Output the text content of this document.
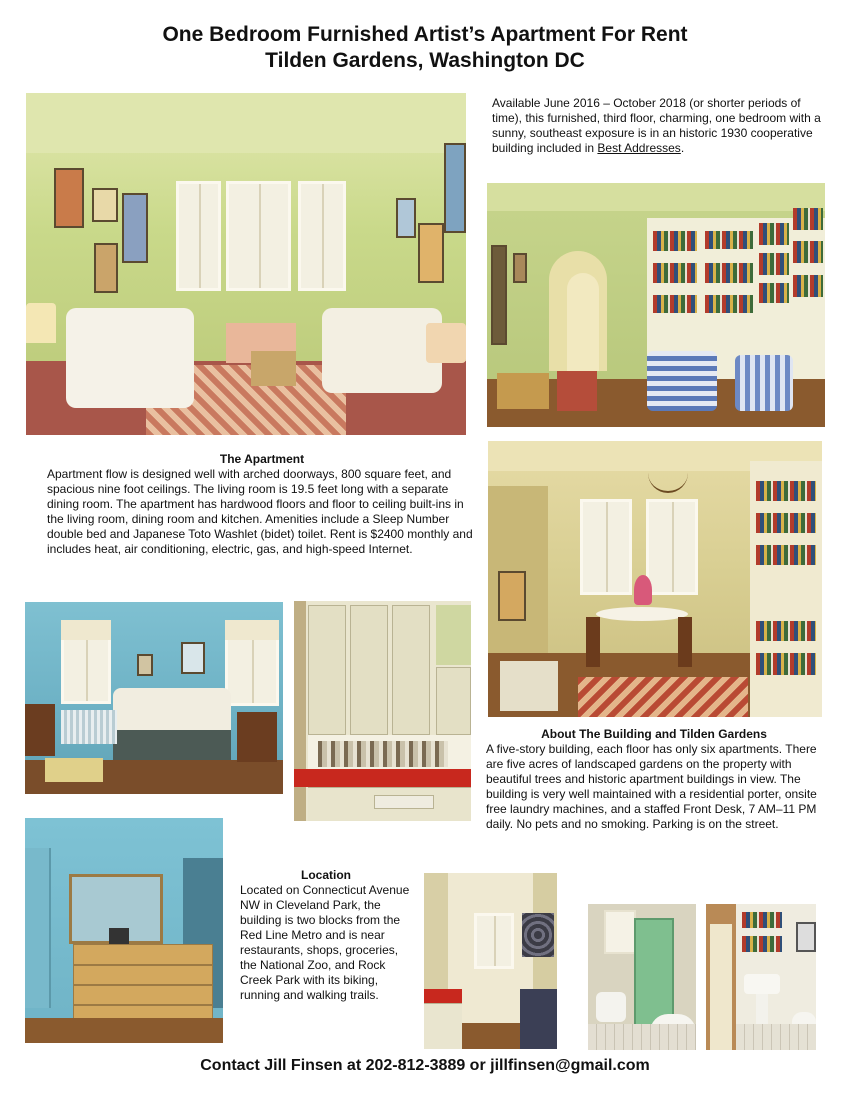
One Bedroom Furnished Artist’s Apartment For Rent
Tilden Gardens, Washington DC
Available June 2016 – October 2018 (or shorter periods of time), this furnished, third floor, charming, one bedroom with a sunny, southeast exposure is in an historic 1930 cooperative building included in Best Addresses.
The Apartment
Apartment flow is designed well with arched doorways, 800 square feet, and spacious nine foot ceilings. The living room is 19.5 feet long with a separate dining room. The apartment has hardwood floors and floor to ceiling built-ins in the living room, dining room and kitchen. Amenities include a Sleep Number double bed and Japanese Toto Washlet (bidet) toilet. Rent is $2400 monthly and includes heat, air conditioning, electric, gas, and high-speed Internet.
About The Building and Tilden Gardens
A five-story building, each floor has only six apartments. There are five acres of landscaped gardens on the property with beautiful trees and historic apartment buildings in view. The building is very well maintained with a residential porter, onsite free laundry machines, and a staffed Front Desk, 7 AM–11 PM daily. No pets and no smoking. Parking is on the street.
Location
Located on Connecticut Avenue NW in Cleveland Park, the building is two blocks from the Red Line Metro and is near restaurants, shops, groceries, the National Zoo, and Rock Creek Park with its biking, running and walking trails.
Contact Jill Finsen at 202-812-3889 or jillfinsen@gmail.com
